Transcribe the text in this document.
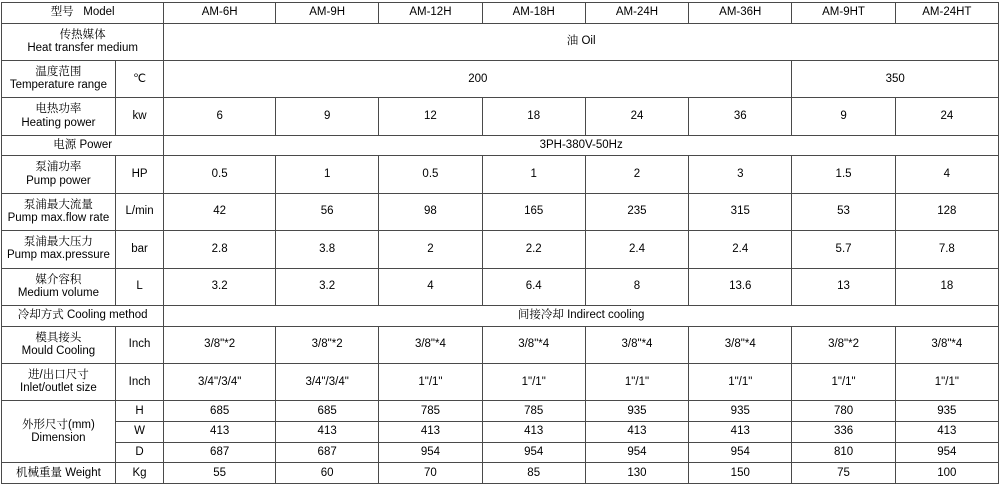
型号 Model		AM-6H	AM-9H	AM-12H	AM-18H	AM-24H	AM-36H	AM-9HT	AM-24HT

传热媒体
Heat transfer medium		油 Oil							

温度范围
Temperature range	℃	200						350	

电热功率
Heating power	kw	6	9	12	18	24	36	9	24
电源 Power		3PH-380V-50Hz							

泵浦功率
Pump power	HP	0.5	1	0.5	1	2	3	1.5	4

泵浦最大流量
Pump max.flow rate	L/min	42	56	98	165	235	315	53	128

泵浦最大压力
Pump max.pressure	bar	2.8	3.8	2	2.2	2.4	2.4	5.7	7.8

媒介容积
Medium volume	L	3.2	3.2	4	6.4	8	13.6	13	18
冷却方式 Cooling method		间接冷却 Indirect cooling							

模具接头
Mould Cooling	Inch	3/8"*2	3/8"*2	3/8"*4	3/8"*4	3/8"*4	3/8"*4	3/8"*2	3/8"*4

进/出口尺寸
Inlet/outlet size	Inch	3/4"/3/4"	3/4"/3/4"	1"/1"	1"/1"	1"/1"	1"/1"	1"/1"	1"/1"

外形尺寸(mm)
Dimension	H	685	685	785	785	935	935	780	935
	W	413	413	413	413	413	413	336	413
	D	687	687	954	954	954	954	810	954
机械重量 Weight	Kg	55	60	70	85	130	150	75	100
